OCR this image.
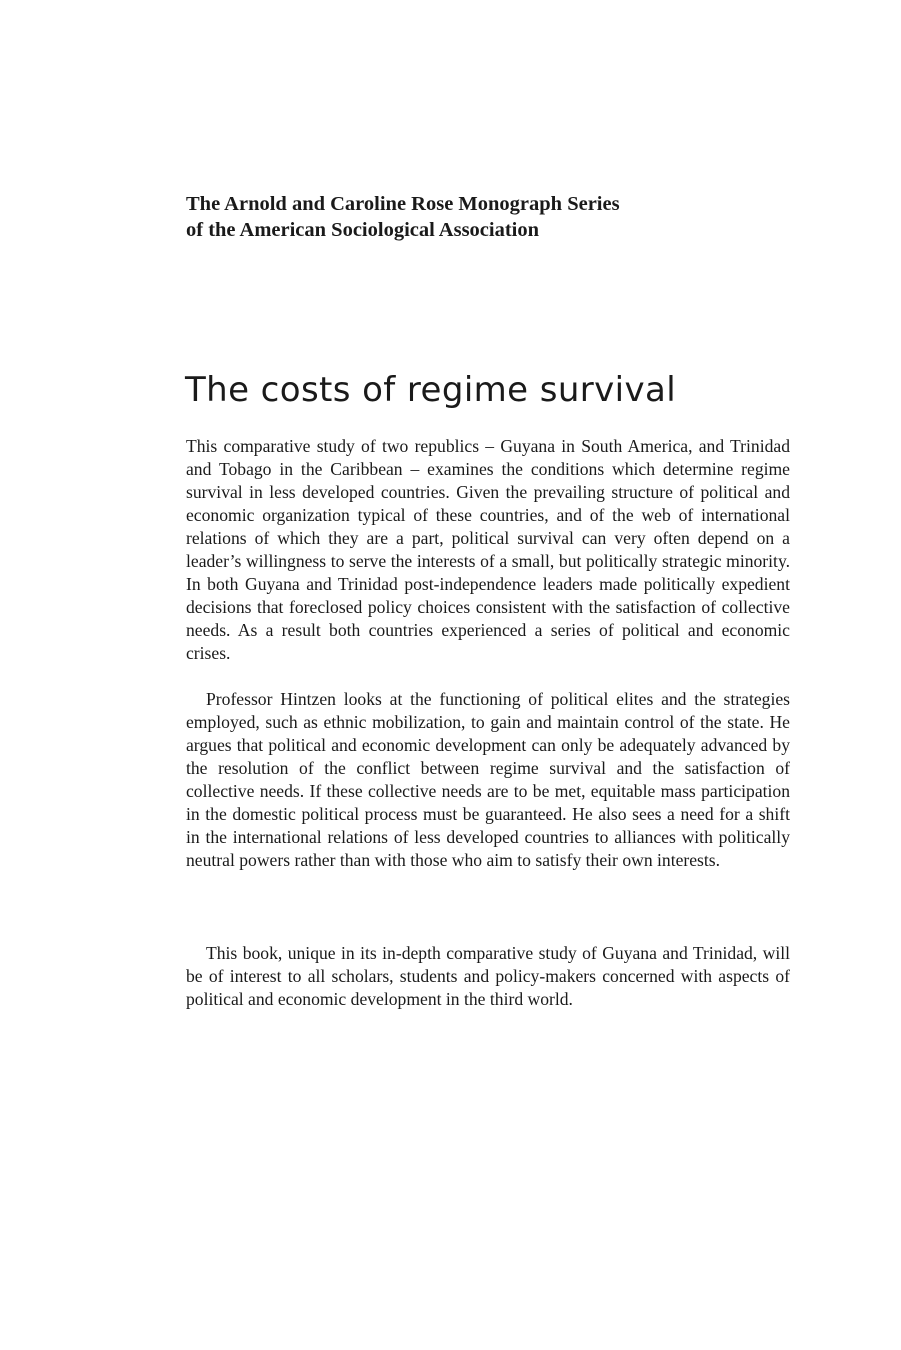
The Arnold and Caroline Rose Monograph Series
of the American Sociological Association
The costs of regime survival

This comparative study of two republics – Guyana in South America, and Trinidad and Tobago in the Caribbean – examines the conditions which determine regime survival in less developed countries. Given the prevailing structure of political and economic organization typical of these countries, and of the web of international relations of which they are a part, political survival can very often depend on a leader’s willingness to serve the interests of a small, but politically strategic minority. In both Guyana and Trinidad post-independence leaders made politically expedient decisions that foreclosed policy choices consistent with the satisfaction of collective needs. As a result both countries experienced a series of political and economic crises.

Professor Hintzen looks at the functioning of political elites and the strategies employed, such as ethnic mobilization, to gain and maintain control of the state. He argues that political and economic development can only be adequately advanced by the resolution of the conflict between regime survival and the satisfaction of collective needs. If these collective needs are to be met, equitable mass participation in the domestic political process must be guaranteed. He also sees a need for a shift in the international relations of less developed countries to alliances with politically neutral powers rather than with those who aim to satisfy their own interests.

This book, unique in its in-depth comparative study of Guyana and Trinidad, will be of interest to all scholars, students and policy-makers concerned with aspects of political and economic development in the third world.
